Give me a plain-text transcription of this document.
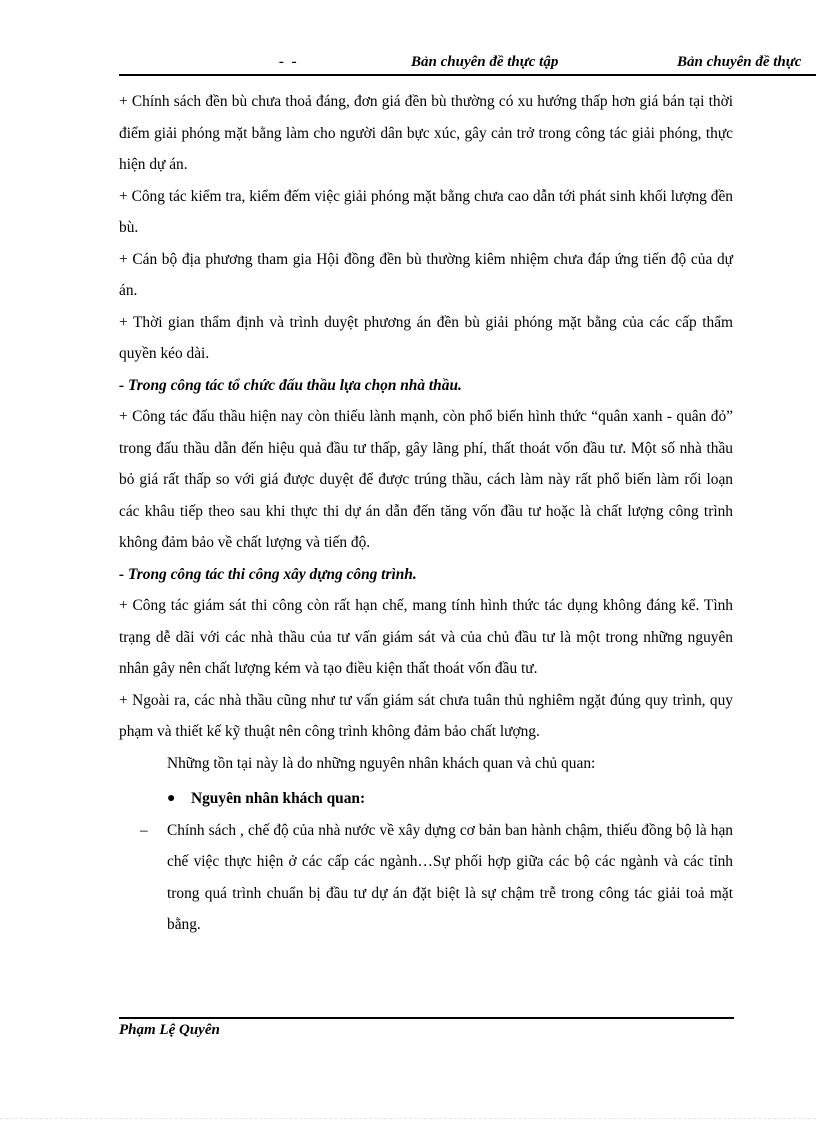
- -	Bản chuyên đề thực tập	Bản chuyên đề thực

+ Chính sách đền bù chưa thoả đáng, đơn giá đền bù thường có xu hướng thấp hơn giá bán tại thời điểm giải phóng mặt bằng làm cho người dân bực xúc, gây cản trở trong công tác giải phóng, thực hiện dự án.

+ Công tác kiểm tra, kiểm đếm việc giải phóng mặt bằng chưa cao dẫn tới phát sinh khối lượng đền bù.

+ Cán bộ địa phương tham gia Hội đồng đền bù thường kiêm nhiệm chưa đáp ứng tiến độ của dự án.

+ Thời gian thẩm định và trình duyệt phương án đền bù giải phóng mặt bằng của các cấp thẩm quyền kéo dài.

- Trong công tác tổ chức đấu thầu lựa chọn nhà thầu.

+ Công tác đấu thầu hiện nay còn thiếu lành mạnh, còn phổ biến hình thức “quân xanh - quân đỏ” trong đấu thầu dẫn đến hiệu quả đầu tư thấp, gây lãng phí, thất thoát vốn đầu tư. Một số nhà thầu bỏ giá rất thấp so với giá được duyệt để được trúng thầu, cách làm này rất phổ biến làm rối loạn các khâu tiếp theo sau khi thực thi dự án dẫn đến tăng vốn đầu tư hoặc là chất lượng công trình không đảm bảo về chất lượng và tiến độ.

- Trong công tác thi công xây dựng công trình.

+ Công tác giám sát thi công còn rất hạn chế, mang tính hình thức tác dụng không đáng kể. Tình trạng dễ dãi với các nhà thầu của tư vấn giám sát và của chủ đầu tư là một trong những nguyên nhân gây nên chất lượng kém và tạo điều kiện thất thoát vốn đầu tư.

+ Ngoài ra, các nhà thầu cũng như tư vấn giám sát chưa tuân thủ nghiêm ngặt đúng quy trình, quy phạm và thiết kế kỹ thuật nên công trình không đảm bảo chất lượng.

Những tồn tại này là do những nguyên nhân khách quan và chủ quan:

● Nguyên nhân khách quan:

– Chính sách , chế độ của nhà nước về xây dựng cơ bản ban hành chậm, thiếu đồng bộ là hạn chế việc thực hiện ở các cấp các ngành…Sự phối hợp giữa các bộ các ngành và các tỉnh trong quá trình chuẩn bị đầu tư dự án đặt biệt là sự chậm trễ trong công tác giải toả mặt bằng.

Phạm Lệ Quyên
